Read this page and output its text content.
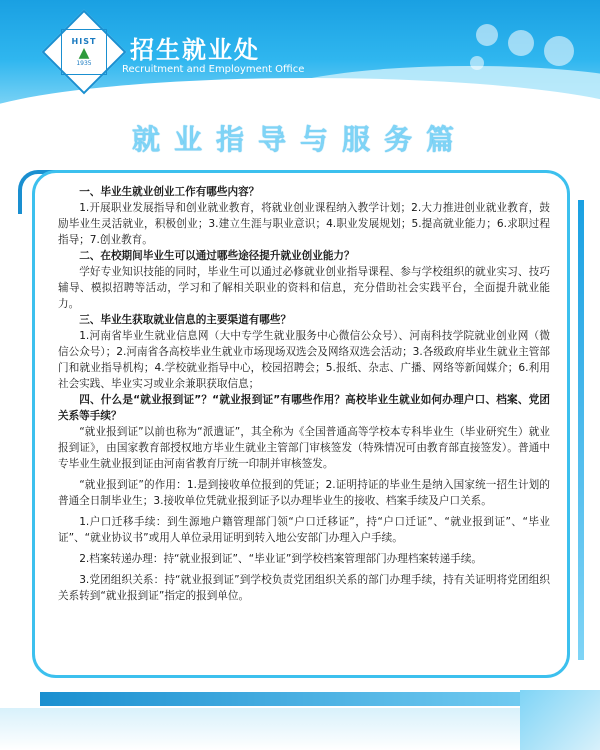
HIST
▲
1935 招生就业处
Recruitment and Employment Office
就业指导与服务篇

一、毕业生就业创业工作有哪些内容？

1.开展职业发展指导和创业就业教育，将就业创业课程纳入教学计划；2.大力推进创业就业教育，鼓励毕业生灵活就业，积极创业；3.建立生涯与职业意识；4.职业发展规划；5.提高就业能力；6.求职过程指导；7.创业教育。

二、在校期间毕业生可以通过哪些途径提升就业创业能力？

学好专业知识技能的同时，毕业生可以通过必修就业创业指导课程、参与学校组织的就业实习、技巧辅导、模拟招聘等活动，学习和了解相关职业的资料和信息，充分借助社会实践平台，全面提升就业能力。

三、毕业生获取就业信息的主要渠道有哪些？

1.河南省毕业生就业信息网（大中专学生就业服务中心微信公众号）、河南科技学院就业创业网（微信公众号）；2.河南省各高校毕业生就业市场现场双选会及网络双选会活动；3.各级政府毕业生就业主管部门和就业指导机构；4.学校就业指导中心，校园招聘会；5.报纸、杂志、广播、网络等新闻媒介；6.利用社会实践、毕业实习或业余兼职获取信息；

四、什么是“就业报到证”？“就业报到证”有哪些作用？高校毕业生就业如何办理户口、档案、党团关系等手续？

“就业报到证”以前也称为“派遣证”，其全称为《全国普通高等学校本专科毕业生（毕业研究生）就业报到证》，由国家教育部授权地方毕业生就业主管部门审核签发（特殊情况可由教育部直接签发）。普通中专毕业生就业报到证由河南省教育厅统一印制并审核签发。

“就业报到证”的作用：1.是到接收单位报到的凭证；2.证明持证的毕业生是纳入国家统一招生计划的普通全日制毕业生；3.接收单位凭就业报到证予以办理毕业生的接收、档案手续及户口关系。

1.户口迁移手续：到生源地户籍管理部门领“户口迁移证”，持“户口迁证”、“就业报到证”、“毕业证”、“就业协议书”或用人单位录用证明到转入地公安部门办理入户手续。

2.档案转递办理：持“就业报到证”、“毕业证”到学校档案管理部门办理档案转递手续。

3.党团组织关系：持“就业报到证”到学校负责党团组织关系的部门办理手续，持有关证明将党团组织关系转到“就业报到证”指定的报到单位。
